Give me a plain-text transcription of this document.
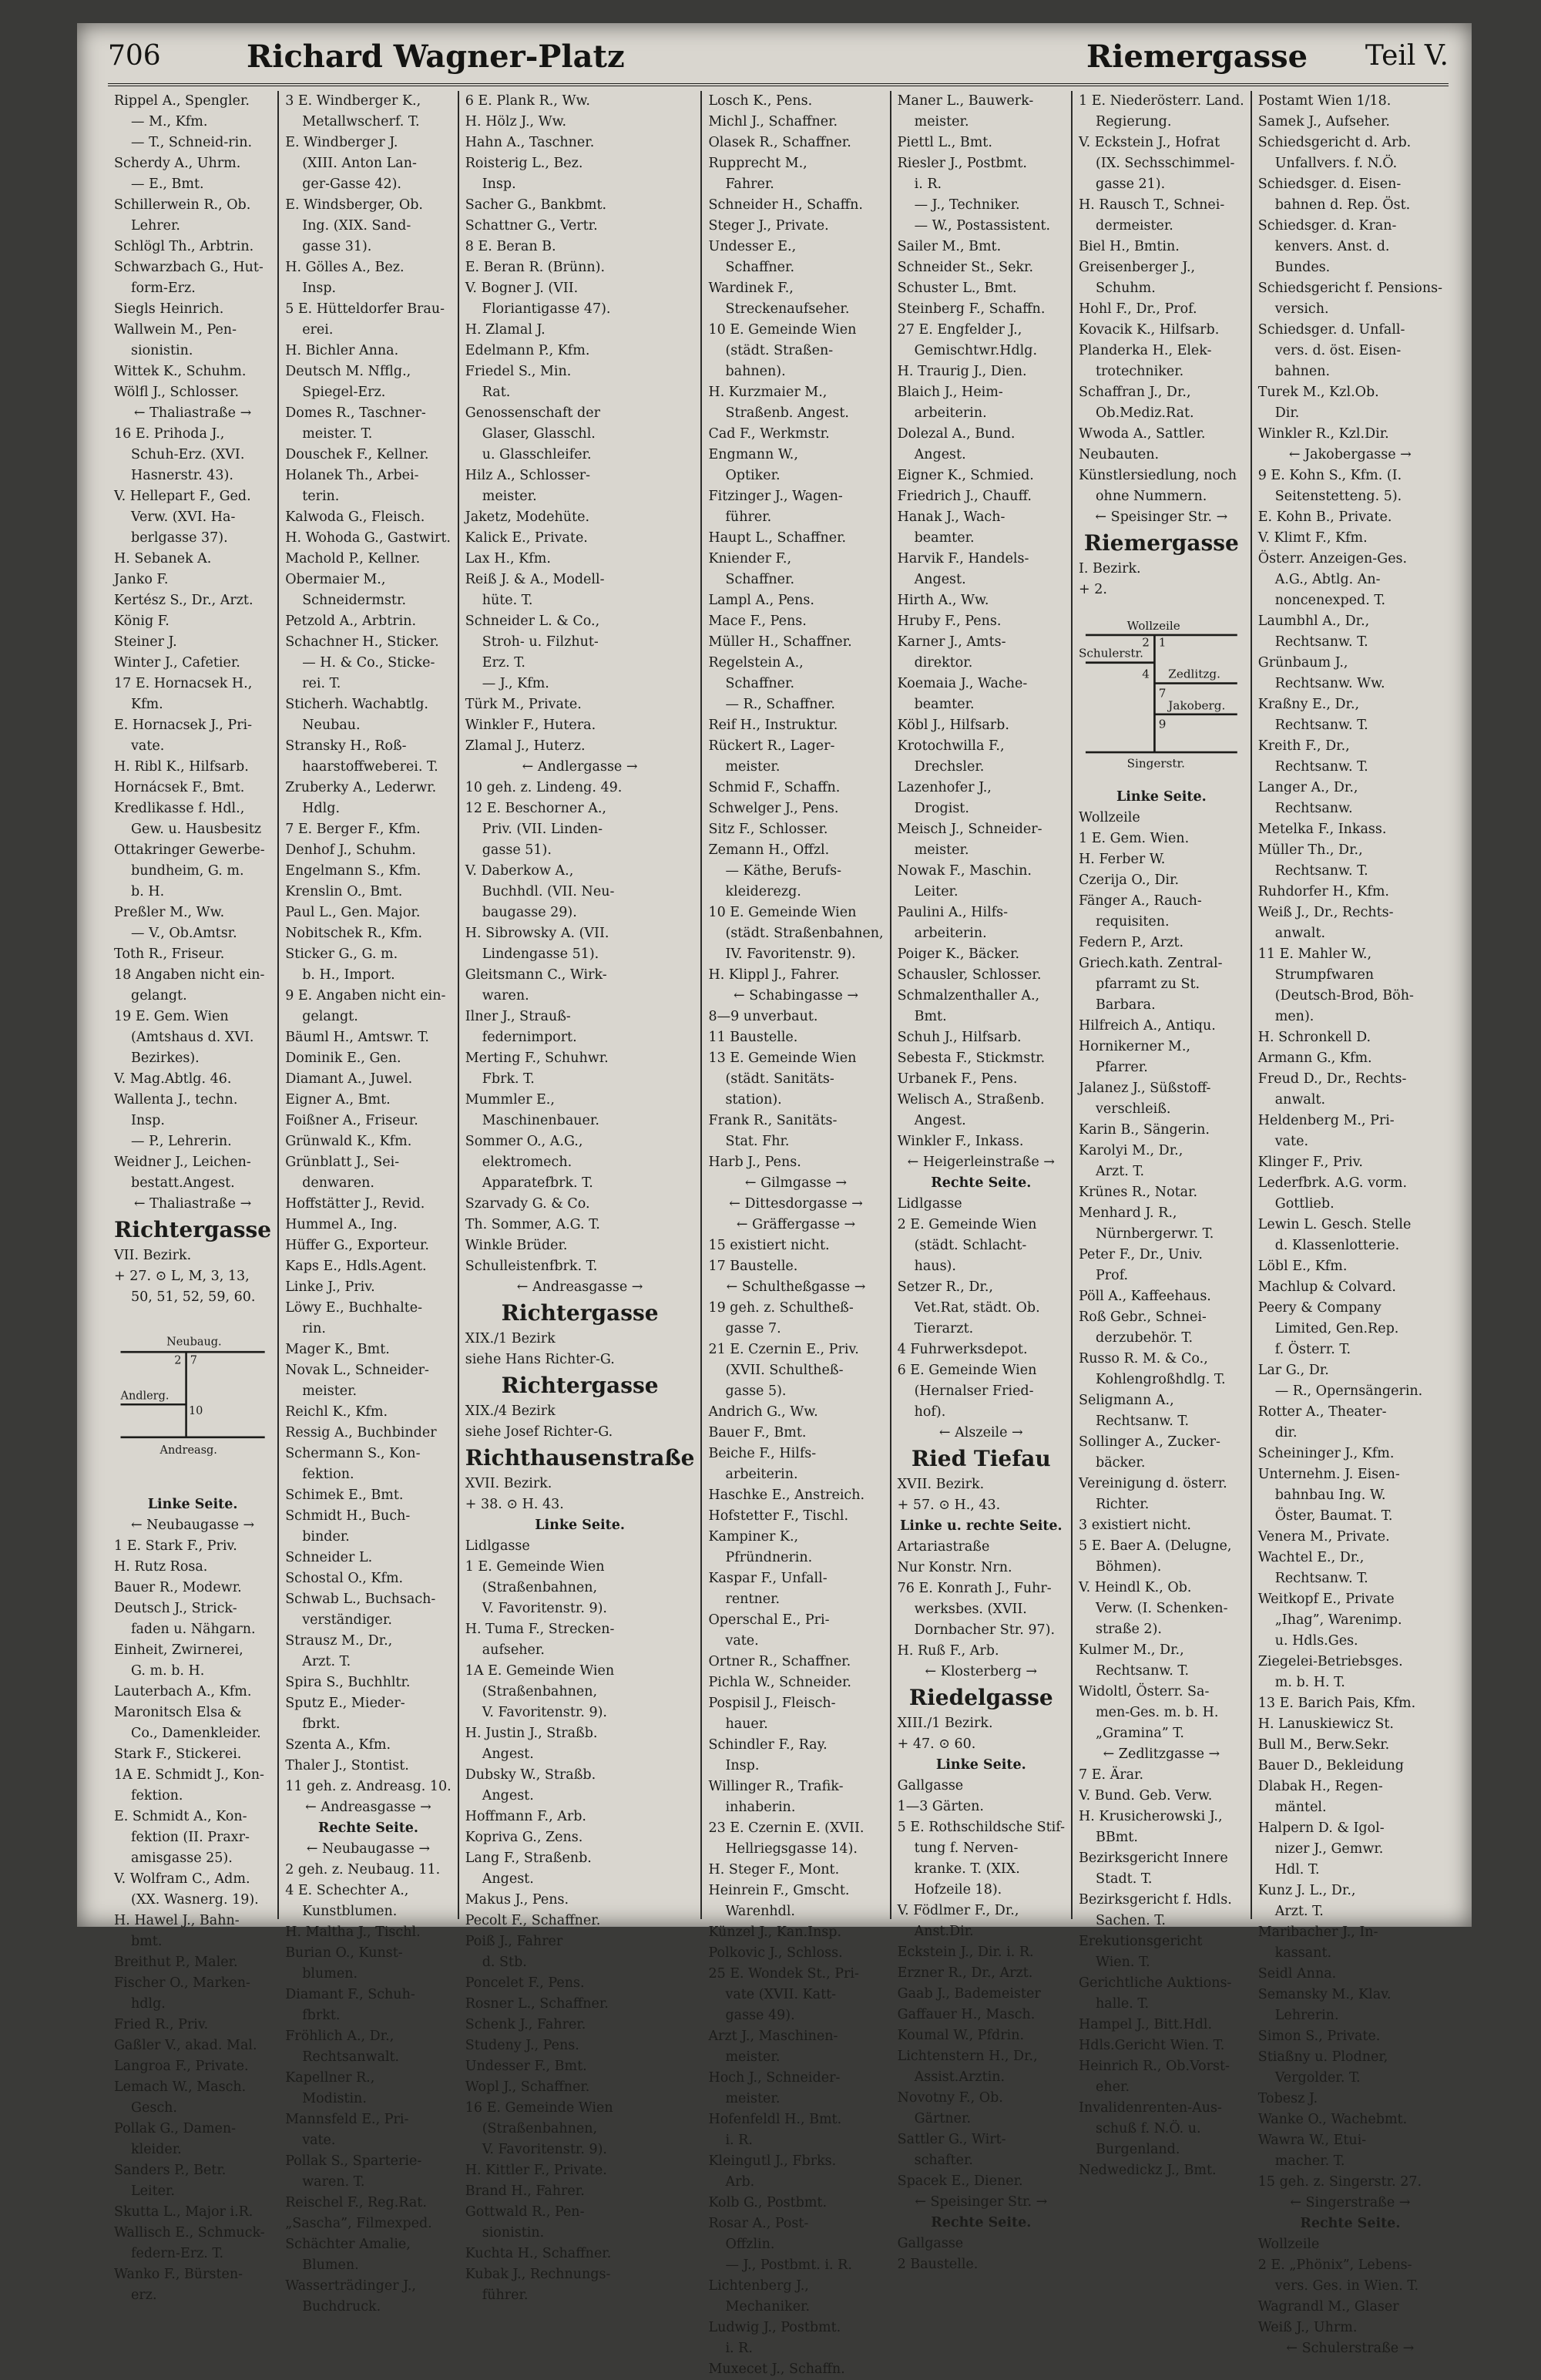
706	Richard Wagner-Platz	Riemergasse Teil V.
Rippel A., Spengler.
— M., Kfm.
— T., Schneid-rin.
Scherdy A., Uhrm.
— E., Bmt.
Schillerwein R., Ob.
Lehrer.
Schlögl Th., Arbtrin.
Schwarzbach G., Hut-
form-Erz.
Siegls Heinrich.
Wallwein M., Pen-
sionistin.
Wittek K., Schuhm.
Wölfl J., Schlosser.
← Thaliastraße →
16 E. Prihoda J.,
Schuh-Erz. (XVI.
Hasnerstr. 43).
V. Hellepart F., Ged.
Verw. (XVI. Ha-
berlgasse 37).
H. Sebanek A.
Janko F.
Kertész S., Dr., Arzt.
König F.
Steiner J.
Winter J., Cafetier.
17 E. Hornacsek H.,
Kfm.
E. Hornacsek J., Pri-
vate.
H. Ribl K., Hilfsarb.
Hornácsek F., Bmt.
Kredlikasse f. Hdl.,
Gew. u. Hausbesitz
Ottakringer Gewerbe-
bundheim, G. m.
b. H.
Preßler M., Ww.
— V., Ob.Amtsr.
Toth R., Friseur.
18 Angaben nicht ein-
gelangt.
19 E. Gem. Wien
(Amtshaus d. XVI.
Bezirkes).
V. Mag.Abtlg. 46.
Wallenta J., techn.
Insp.
— P., Lehrerin.
Weidner J., Leichen-
bestatt.Angest.
← Thaliastraße →
Richtergasse
VII. Bezirk.
+ 27. ⊙ L, M, 3, 13,
50, 51, 52, 59, 60.
Neubaug.
Andlerg.
Andreasg.
2 7
10
Linke Seite.
← Neubaugasse →
1 E. Stark F., Priv.
H. Rutz Rosa.
Bauer R., Modewr.
Deutsch J., Strick-
faden u. Nähgarn.
Einheit, Zwirnerei,
G. m. b. H.
Lauterbach A., Kfm.
Maronitsch Elsa &
Co., Damenkleider.
Stark F., Stickerei.
1A E. Schmidt J., Kon-
fektion.
E. Schmidt A., Kon-
fektion (II. Praxr-
amisgasse 25).
V. Wolfram C., Adm.
(XX. Wasnerg. 19).
H. Hawel J., Bahn-
bmt.
Breithut P., Maler.
Fischer O., Marken-
hdlg.
Fried R., Priv.
Gaßler V., akad. Mal.
Langroa F., Private.
Lemach W., Masch.
Gesch.
Pollak G., Damen-
kleider.
Sanders P., Betr.
Leiter.
Skutta L., Major i.R.
Wallisch E., Schmuck-
federn-Erz. T.
Wanko F., Bürsten-
erz.
3 E. Windberger K.,
Metallwscherf. T.
E. Windberger J.
(XIII. Anton Lan-
ger-Gasse 42).
E. Windsberger, Ob.
Ing. (XIX. Sand-
gasse 31).
H. Gölles A., Bez.
Insp.
5 E. Hütteldorfer Brau-
erei.
H. Bichler Anna.
Deutsch M. Nfflg.,
Spiegel-Erz.
Domes R., Taschner-
meister. T.
Douschek F., Kellner.
Holanek Th., Arbei-
terin.
Kalwoda G., Fleisch.
H. Wohoda G., Gastwirt.
Machold P., Kellner.
Obermaier M.,
Schneidermstr.
Petzold A., Arbtrin.
Schachner H., Sticker.
— H. & Co., Sticke-
rei. T.
Sticherh. Wachabtlg.
Neubau.
Stransky H., Roß-
haarstoffweberei. T.
Zruberky A., Lederwr.
Hdlg.
7 E. Berger F., Kfm.
Denhof J., Schuhm.
Engelmann S., Kfm.
Krenslin O., Bmt.
Paul L., Gen. Major.
Nobitschek R., Kfm.
Sticker G., G. m.
b. H., Import.
9 E. Angaben nicht ein-
gelangt.
Bäuml H., Amtswr. T.
Dominik E., Gen.
Diamant A., Juwel.
Eigner A., Bmt.
Foißner A., Friseur.
Grünwald K., Kfm.
Grünblatt J., Sei-
denwaren.
Hoffstätter J., Revid.
Hummel A., Ing.
Hüffer G., Exporteur.
Kaps E., Hdls.Agent.
Linke J., Priv.
Löwy E., Buchhalte-
rin.
Mager K., Bmt.
Novak L., Schneider-
meister.
Reichl K., Kfm.
Ressig A., Buchbinder
Schermann S., Kon-
fektion.
Schimek E., Bmt.
Schmidt H., Buch-
binder.
Schneider L.
Schostal O., Kfm.
Schwab L., Buchsach-
verständiger.
Strausz M., Dr.,
Arzt. T.
Spira S., Buchhltr.
Sputz E., Mieder-
fbrkt.
Szenta A., Kfm.
Thaler J., Stontist.
11 geh. z. Andreasg. 10.
← Andreasgasse →
Rechte Seite.
← Neubaugasse →
2 geh. z. Neubaug. 11.
4 E. Schechter A.,
Kunstblumen.
H. Maltha J., Tischl.
Burian O., Kunst-
blumen.
Diamant F., Schuh-
fbrkt.
Fröhlich A., Dr.,
Rechtsanwalt.
Kapellner R.,
Modistin.
Mannsfeld E., Pri-
vate.
Pollak S., Sparterie-
waren. T.
Reischel F., Reg.Rat.
„Sascha”, Filmexped.
Schächter Amalie,
Blumen.
Wasserträdinger J.,
Buchdruck.
6 E. Plank R., Ww.
H. Hölz J., Ww.
Hahn A., Taschner.
Roisterig L., Bez.
Insp.
Sacher G., Bankbmt.
Schattner G., Vertr.
8 E. Beran B.
E. Beran R. (Brünn).
V. Bogner J. (VII.
Floriantigasse 47).
H. Zlamal J.
Edelmann P., Kfm.
Friedel S., Min.
Rat.
Genossenschaft der
Glaser, Glasschl.
u. Glasschleifer.
Hilz A., Schlosser-
meister.
Jaketz, Modehüte.
Kalick E., Private.
Lax H., Kfm.
Reiß J. & A., Modell-
hüte. T.
Schneider L. & Co.,
Stroh- u. Filzhut-
Erz. T.
— J., Kfm.
Türk M., Private.
Winkler F., Hutera.
Zlamal J., Huterz.
← Andlergasse →
10 geh. z. Lindeng. 49.
12 E. Beschorner A.,
Priv. (VII. Linden-
gasse 51).
V. Daberkow A.,
Buchhdl. (VII. Neu-
baugasse 29).
H. Sibrowsky A. (VII.
Lindengasse 51).
Gleitsmann C., Wirk-
waren.
Ilner J., Strauß-
federnimport.
Merting F., Schuhwr.
Fbrk. T.
Mummler E.,
Maschinenbauer.
Sommer O., A.G.,
elektromech.
Apparatefbrk. T.
Szarvady G. & Co.
Th. Sommer, A.G. T.
Winkle Brüder.
Schulleistenfbrk. T.
← Andreasgasse →
Richtergasse
XIX./1 Bezirk
siehe Hans Richter-G.
Richtergasse
XIX./4 Bezirk
siehe Josef Richter-G.
Richthausenstraße
XVII. Bezirk.
+ 38. ⊙ H. 43.
Linke Seite.
Lidlgasse
1 E. Gemeinde Wien
(Straßenbahnen,
V. Favoritenstr. 9).
H. Tuma F., Strecken-
aufseher.
1A E. Gemeinde Wien
(Straßenbahnen,
V. Favoritenstr. 9).
H. Justin J., Straßb.
Angest.
Dubsky W., Straßb.
Angest.
Hoffmann F., Arb.
Kopriva G., Zens.
Lang F., Straßenb.
Angest.
Makus J., Pens.
Pecolt F., Schaffner.
Poiß J., Fahrer
d. Stb.
Poncelet F., Pens.
Rosner L., Schaffner.
Schenk J., Fahrer.
Studeny J., Pens.
Undesser F., Bmt.
Wopl J., Schaffner.
16 E. Gemeinde Wien
(Straßenbahnen,
V. Favoritenstr. 9).
H. Kittler F., Private.
Brand H., Fahrer.
Gottwald R., Pen-
sionistin.
Kuchta H., Schaffner.
Kubak J., Rechnungs-
führer.
Losch K., Pens.
Michl J., Schaffner.
Olasek R., Schaffner.
Rupprecht M.,
Fahrer.
Schneider H., Schaffn.
Steger J., Private.
Undesser E.,
Schaffner.
Wardinek F.,
Streckenaufseher.
10 E. Gemeinde Wien
(städt. Straßen-
bahnen).
H. Kurzmaier M.,
Straßenb. Angest.
Cad F., Werkmstr.
Engmann W.,
Optiker.
Fitzinger J., Wagen-
führer.
Haupt L., Schaffner.
Kniender F.,
Schaffner.
Lampl A., Pens.
Mace F., Pens.
Müller H., Schaffner.
Regelstein A.,
Schaffner.
— R., Schaffner.
Reif H., Instruktur.
Rückert R., Lager-
meister.
Schmid F., Schaffn.
Schwelger J., Pens.
Sitz F., Schlosser.
Zemann H., Offzl.
— Käthe, Berufs-
kleiderezg.
10 E. Gemeinde Wien
(städt. Straßenbahnen,
IV. Favoritenstr. 9).
H. Klippl J., Fahrer.
← Schabingasse →
8—9 unverbaut.
11 Baustelle.
13 E. Gemeinde Wien
(städt. Sanitäts-
station).
Frank R., Sanitäts-
Stat. Fhr.
Harb J., Pens.
← Gilmgasse →
← Dittesdorgasse →
← Gräffergasse →
15 existiert nicht.
17 Baustelle.
← Schultheßgasse →
19 geh. z. Schultheß-
gasse 7.
21 E. Czernin E., Priv.
(XVII. Schultheß-
gasse 5).
Andrich G., Ww.
Bauer F., Bmt.
Beiche F., Hilfs-
arbeiterin.
Haschke E., Anstreich.
Hofstetter F., Tischl.
Kampiner K.,
Pfründnerin.
Kaspar F., Unfall-
rentner.
Operschal E., Pri-
vate.
Ortner R., Schaffner.
Pichla W., Schneider.
Pospisil J., Fleisch-
hauer.
Schindler F., Ray.
Insp.
Willinger R., Trafik-
inhaberin.
23 E. Czernin E. (XVII.
Hellriegsgasse 14).
H. Steger F., Mont.
Heinrein F., Gmscht.
Warenhdl.
Künzel J., Kan.Insp.
Polkovic J., Schloss.
25 E. Wondek St., Pri-
vate (XVII. Katt-
gasse 49).
Arzt J., Maschinen-
meister.
Hoch J., Schneider-
meister.
Hofenfeldl H., Bmt.
i. R.
Kleingutl J., Fbrks.
Arb.
Kolb G., Postbmt.
Rosar A., Post-
Offzlin.
— J., Postbmt. i. R.
Lichtenberg J.,
Mechaniker.
Ludwig J., Postbmt.
i. R.
Muxecet J., Schaffn.
Maner L., Bauwerk-
meister.
Piettl L., Bmt.
Riesler J., Postbmt.
i. R.
— J., Techniker.
— W., Postassistent.
Sailer M., Bmt.
Schneider St., Sekr.
Schuster L., Bmt.
Steinberg F., Schaffn.
27 E. Engfelder J.,
Gemischtwr.Hdlg.
H. Traurig J., Dien.
Blaich J., Heim-
arbeiterin.
Dolezal A., Bund.
Angest.
Eigner K., Schmied.
Friedrich J., Chauff.
Hanak J., Wach-
beamter.
Harvik F., Handels-
Angest.
Hirth A., Ww.
Hruby F., Pens.
Karner J., Amts-
direktor.
Koemaia J., Wache-
beamter.
Köbl J., Hilfsarb.
Krotochwilla F.,
Drechsler.
Lazenhofer J.,
Drogist.
Meisch J., Schneider-
meister.
Nowak F., Maschin.
Leiter.
Paulini A., Hilfs-
arbeiterin.
Poiger K., Bäcker.
Schausler, Schlosser.
Schmalzenthaller A.,
Bmt.
Schuh J., Hilfsarb.
Sebesta F., Stickmstr.
Urbanek F., Pens.
Welisch A., Straßenb.
Angest.
Winkler F., Inkass.
← Heigerleinstraße →
Rechte Seite.
Lidlgasse
2 E. Gemeinde Wien
(städt. Schlacht-
haus).
Setzer R., Dr.,
Vet.Rat, städt. Ob.
Tierarzt.
4 Fuhrwerksdepot.
6 E. Gemeinde Wien
(Hernalser Fried-
hof).
← Alszeile →
Ried Tiefau
XVII. Bezirk.
+ 57. ⊙ H., 43.
Linke u. rechte Seite.
Artariastraße
Nur Konstr. Nrn.
76 E. Konrath J., Fuhr-
werksbes. (XVII.
Dornbacher Str. 97).
H. Ruß F., Arb.
← Klosterberg →
Riedelgasse
XIII./1 Bezirk.
+ 47. ⊙ 60.
Linke Seite.
Gallgasse
1—3 Gärten.
5 E. Rothschildsche Stif-
tung f. Nerven-
kranke. T. (XIX.
Hofzeile 18).
V. Födlmer F., Dr.,
Anst.Dir.
Eckstein J., Dir. i. R.
Erzner R., Dr., Arzt.
Gaab J., Bademeister
Gaffauer H., Masch.
Koumal W., Pfdrin.
Lichtenstern H., Dr.,
Assist.Arztin.
Novotny F., Ob.
Gärtner.
Sattler G., Wirt-
schafter.
Spacek E., Diener.
← Speisinger Str. →
Rechte Seite.
Gallgasse
2 Baustelle.
1 E. Niederösterr. Land.
Regierung.
V. Eckstein J., Hofrat
(IX. Sechsschimmel-
gasse 21).
H. Rausch T., Schnei-
dermeister.
Biel H., Bmtin.
Greisenberger J.,
Schuhm.
Hohl F., Dr., Prof.
Kovacik K., Hilfsarb.
Planderka H., Elek-
trotechniker.
Schaffran J., Dr.,
Ob.Mediz.Rat.
Wwoda A., Sattler.
Neubauten.
Künstlersiedlung, noch
ohne Nummern.
← Speisinger Str. →
Riemergasse
I. Bezirk.
+ 2.
Wollzeile
Schulerstr.
Zedlitzg.
Jakoberg.
Singerstr.
2 1
4
7
9
Linke Seite.
Wollzeile
1 E. Gem. Wien.
H. Ferber W.
Czerija O., Dir.
Fänger A., Rauch-
requisiten.
Federn P., Arzt.
Griech.kath. Zentral-
pfarramt zu St.
Barbara.
Hilfreich A., Antiqu.
Hornikerner M.,
Pfarrer.
Jalanez J., Süßstoff-
verschleiß.
Karin B., Sängerin.
Karolyi M., Dr.,
Arzt. T.
Krünes R., Notar.
Menhard J. R.,
Nürnbergerwr. T.
Peter F., Dr., Univ.
Prof.
Pöll A., Kaffeehaus.
Roß Gebr., Schnei-
derzubehör. T.
Russo R. M. & Co.,
Kohlengroßhdlg. T.
Seligmann A.,
Rechtsanw. T.
Sollinger A., Zucker-
bäcker.
Vereinigung d. österr.
Richter.
3 existiert nicht.
5 E. Baer A. (Delugne,
Böhmen).
V. Heindl K., Ob.
Verw. (I. Schenken-
straße 2).
Kulmer M., Dr.,
Rechtsanw. T.
Widoltl, Österr. Sa-
men-Ges. m. b. H.
„Gramina” T.
← Zedlitzgasse →
7 E. Ärar.
V. Bund. Geb. Verw.
H. Krusicherowski J.,
BBmt.
Bezirksgericht Innere
Stadt. T.
Bezirksgericht f. Hdls.
Sachen. T.
Erekutionsgericht
Wien. T.
Gerichtliche Auktions-
halle. T.
Hampel J., Bitt.Hdl.
Hdls.Gericht Wien. T.
Heinrich R., Ob.Vorst-
eher.
Invalidenrenten-Aus-
schuß f. N.Ö. u.
Burgenland.
Nedwedickz J., Bmt.
Postamt Wien 1/18.
Samek J., Aufseher.
Schiedsgericht d. Arb.
Unfallvers. f. N.Ö.
Schiedsger. d. Eisen-
bahnen d. Rep. Öst.
Schiedsger. d. Kran-
kenvers. Anst. d.
Bundes.
Schiedsgericht f. Pensions-
versich.
Schiedsger. d. Unfall-
vers. d. öst. Eisen-
bahnen.
Turek M., Kzl.Ob.
Dir.
Winkler R., Kzl.Dir.
← Jakobergasse →
9 E. Kohn S., Kfm. (I.
Seitenstetteng. 5).
E. Kohn B., Private.
V. Klimt F., Kfm.
Österr. Anzeigen-Ges.
A.G., Abtlg. An-
noncenexped. T.
Laumbhl A., Dr.,
Rechtsanw. T.
Grünbaum J.,
Rechtsanw. Ww.
Kraßny E., Dr.,
Rechtsanw. T.
Kreith F., Dr.,
Rechtsanw. T.
Langer A., Dr.,
Rechtsanw.
Metelka F., Inkass.
Müller Th., Dr.,
Rechtsanw. T.
Ruhdorfer H., Kfm.
Weiß J., Dr., Rechts-
anwalt.
11 E. Mahler W.,
Strumpfwaren
(Deutsch-Brod, Böh-
men).
H. Schronkell D.
Armann G., Kfm.
Freud D., Dr., Rechts-
anwalt.
Heldenberg M., Pri-
vate.
Klinger F., Priv.
Lederfbrk. A.G. vorm.
Gottlieb.
Lewin L. Gesch. Stelle
d. Klassenlotterie.
Löbl E., Kfm.
Machlup & Colvard.
Peery & Company
Limited, Gen.Rep.
f. Österr. T.
Lar G., Dr.
— R., Opernsängerin.
Rotter A., Theater-
dir.
Scheininger J., Kfm.
Unternehm. J. Eisen-
bahnbau Ing. W.
Öster, Baumat. T.
Venera M., Private.
Wachtel E., Dr.,
Rechtsanw. T.
Weitkopf E., Private
„Ihag”, Warenimp.
u. Hdls.Ges.
Ziegelei-Betriebsges.
m. b. H. T.
13 E. Barich Pais, Kfm.
H. Lanuskiewicz St.
Bull M., Berw.Sekr.
Bauer D., Bekleidung
Dlabak H., Regen-
mäntel.
Halpern D. & Igol-
nizer J., Gemwr.
Hdl. T.
Kunz J. L., Dr.,
Arzt. T.
Maribacher J., In-
kassant.
Seidl Anna.
Semansky M., Klav.
Lehrerin.
Simon S., Private.
Stiaßny u. Plodner,
Vergolder. T.
Tobesz J.
Wanke O., Wachebmt.
Wawra W., Etui-
macher. T.
15 geh. z. Singerstr. 27.
← Singerstraße →
Rechte Seite.
Wollzeile
2 E. „Phönix”, Lebens-
vers. Ges. in Wien. T.
Wagrandl M., Glaser
Weiß J., Uhrm.
← Schulerstraße →
